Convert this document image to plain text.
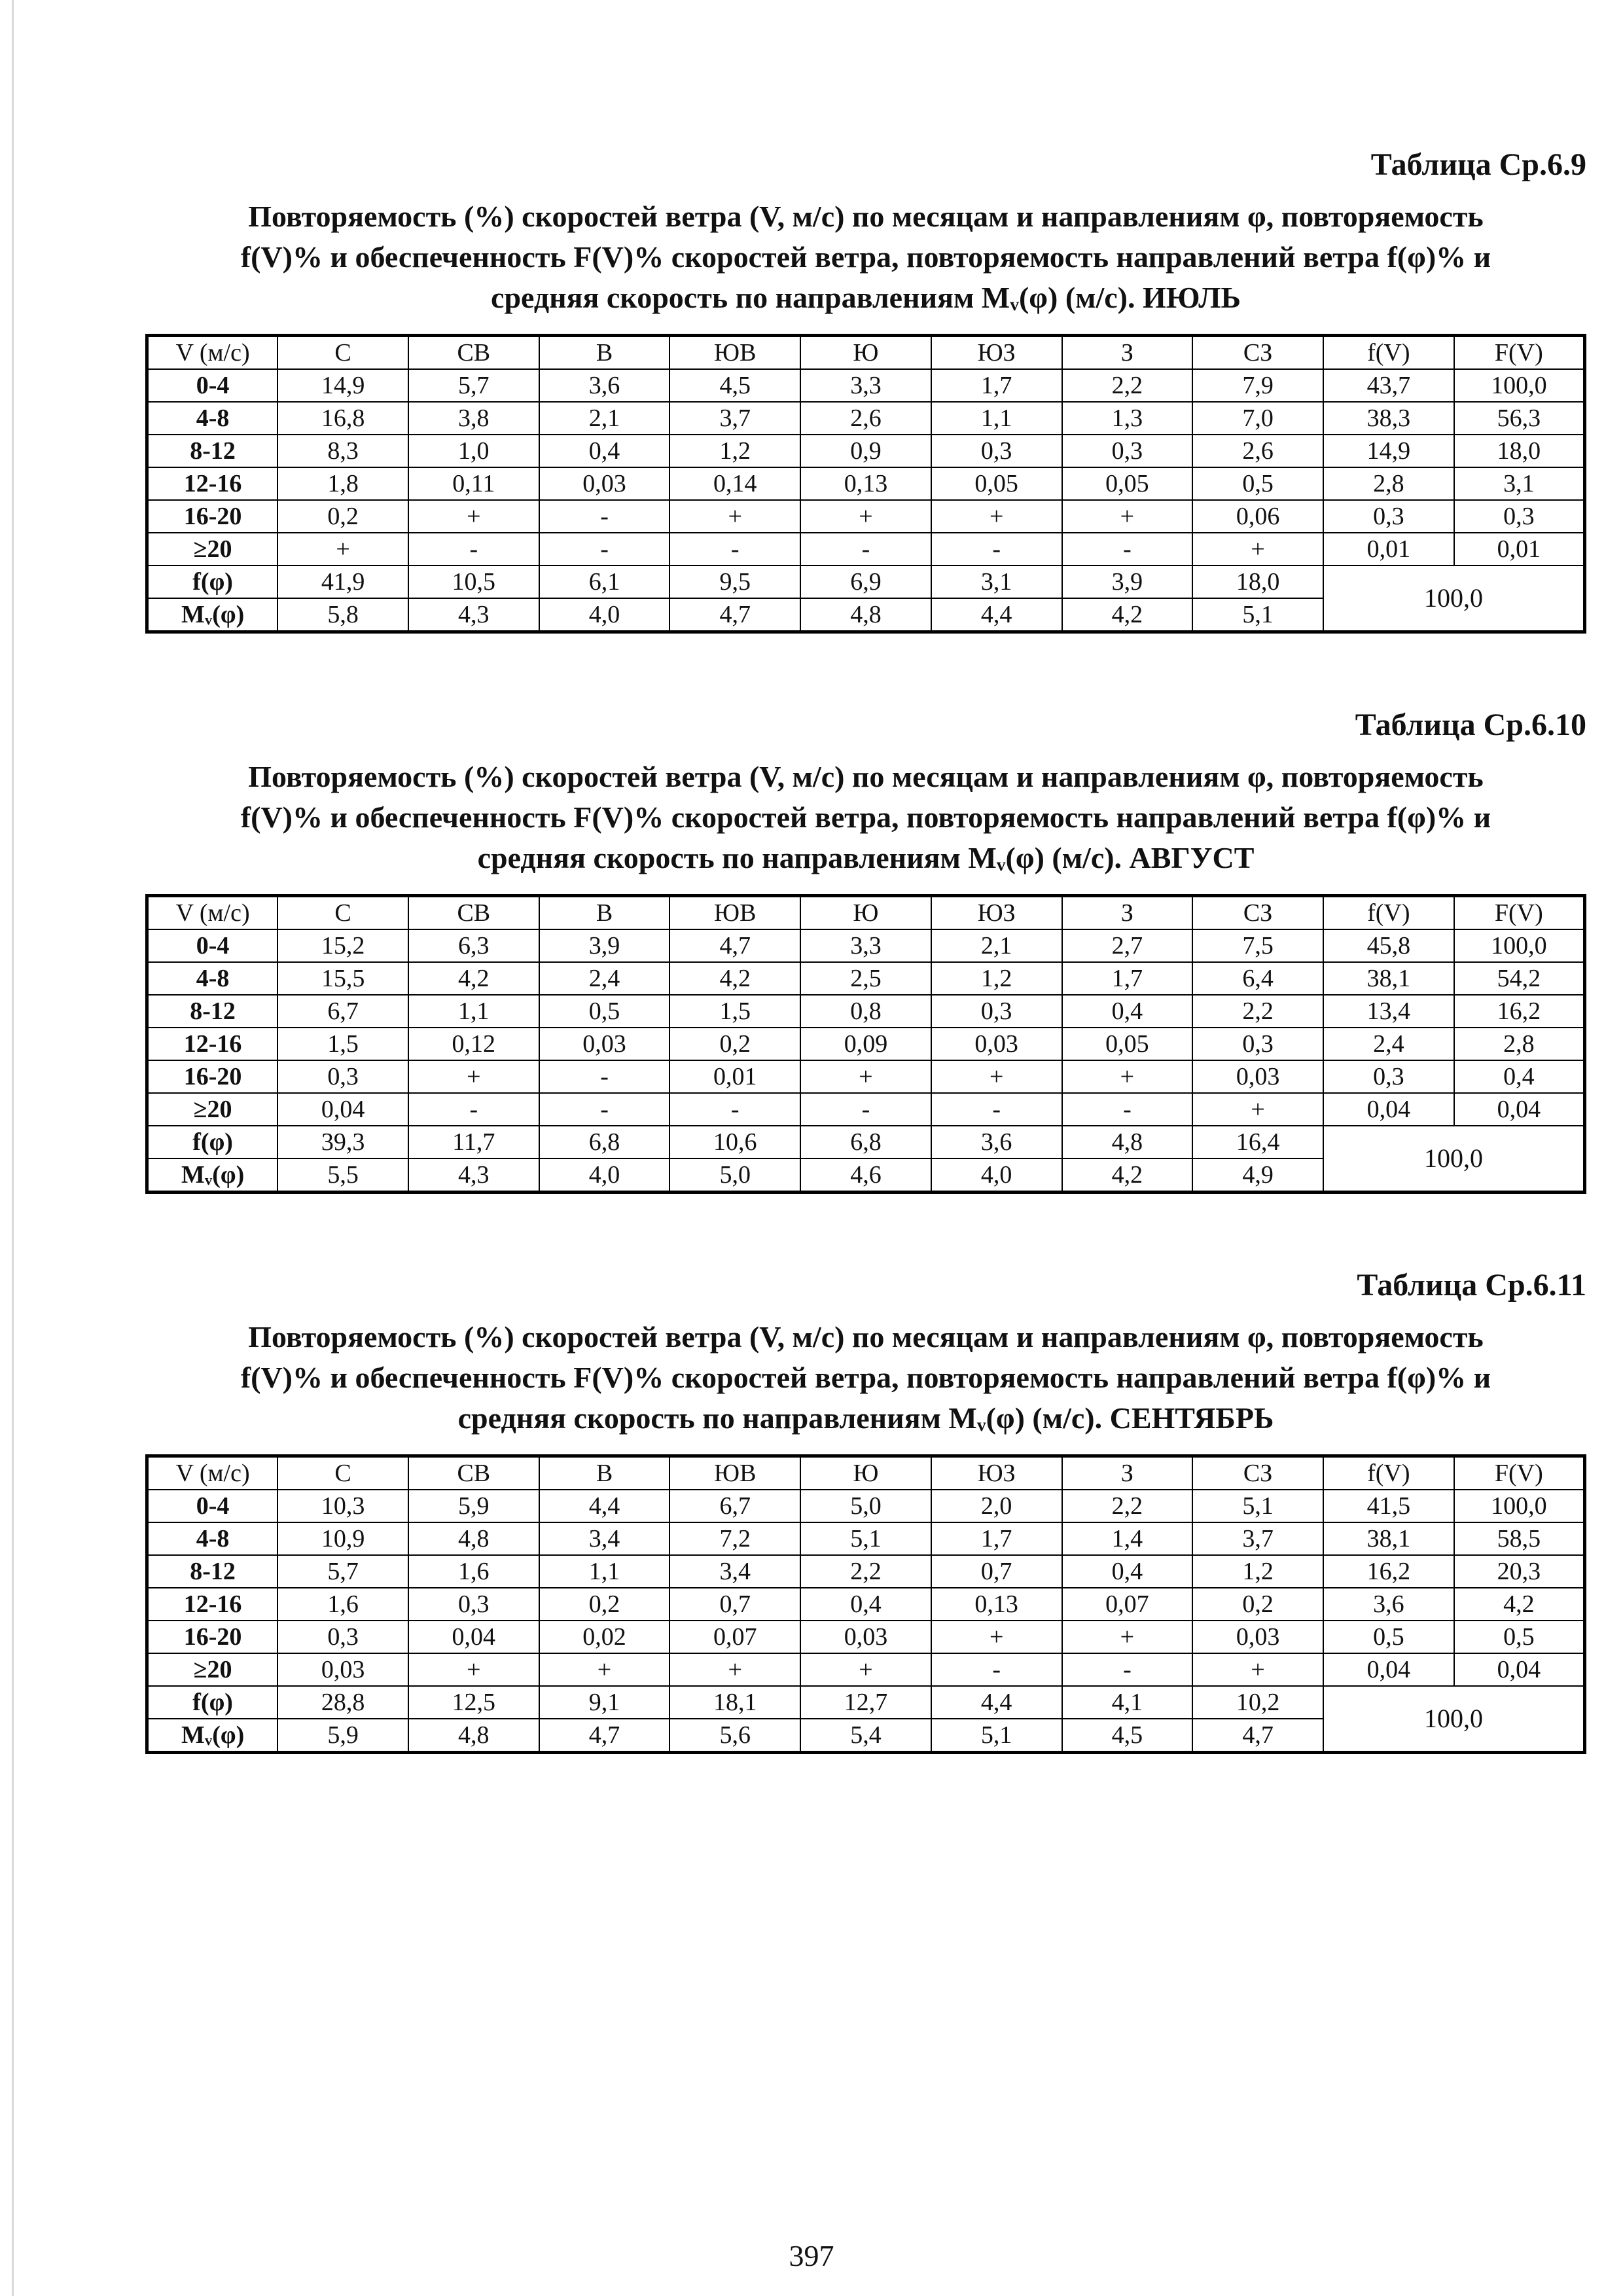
Таблица Ср.6.9

Повторяемость (%) скоростей ветра (V, м/с) по месяцам и направлениям φ, повторяемость
f(V)% и обеспеченность F(V)% скоростей ветра, повторяемость направлений ветра f(φ)% и
средняя скорость по направлениям Mᵥ(φ) (м/с). ИЮЛЬ
V (м/с)	С	СВ	В	ЮВ	Ю	ЮЗ	З	СЗ	f(V)	F(V)
0-4	14,9	5,7	3,6	4,5	3,3	1,7	2,2	7,9	43,7	100,0
4-8	16,8	3,8	2,1	3,7	2,6	1,1	1,3	7,0	38,3	56,3
8-12	8,3	1,0	0,4	1,2	0,9	0,3	0,3	2,6	14,9	18,0
12-16	1,8	0,11	0,03	0,14	0,13	0,05	0,05	0,5	2,8	3,1
16-20	0,2	+	-	+	+	+	+	0,06	0,3	0,3
≥20	+	-	-	-	-	-	-	+	0,01	0,01
f(φ)	41,9	10,5	6,1	9,5	6,9	3,1	3,9	18,0	100,0	
Mᵥ(φ)	5,8	4,3	4,0	4,7	4,8	4,4	4,2	5,1		

Таблица Ср.6.10

Повторяемость (%) скоростей ветра (V, м/с) по месяцам и направлениям φ, повторяемость
f(V)% и обеспеченность F(V)% скоростей ветра, повторяемость направлений ветра f(φ)% и
средняя скорость по направлениям Mᵥ(φ) (м/с). АВГУСТ
V (м/с)	С	СВ	В	ЮВ	Ю	ЮЗ	З	СЗ	f(V)	F(V)
0-4	15,2	6,3	3,9	4,7	3,3	2,1	2,7	7,5	45,8	100,0
4-8	15,5	4,2	2,4	4,2	2,5	1,2	1,7	6,4	38,1	54,2
8-12	6,7	1,1	0,5	1,5	0,8	0,3	0,4	2,2	13,4	16,2
12-16	1,5	0,12	0,03	0,2	0,09	0,03	0,05	0,3	2,4	2,8
16-20	0,3	+	-	0,01	+	+	+	0,03	0,3	0,4
≥20	0,04	-	-	-	-	-	-	+	0,04	0,04
f(φ)	39,3	11,7	6,8	10,6	6,8	3,6	4,8	16,4	100,0	
Mᵥ(φ)	5,5	4,3	4,0	5,0	4,6	4,0	4,2	4,9		

Таблица Ср.6.11

Повторяемость (%) скоростей ветра (V, м/с) по месяцам и направлениям φ, повторяемость
f(V)% и обеспеченность F(V)% скоростей ветра, повторяемость направлений ветра f(φ)% и
средняя скорость по направлениям Mᵥ(φ) (м/с). СЕНТЯБРЬ
V (м/с)	С	СВ	В	ЮВ	Ю	ЮЗ	З	СЗ	f(V)	F(V)
0-4	10,3	5,9	4,4	6,7	5,0	2,0	2,2	5,1	41,5	100,0
4-8	10,9	4,8	3,4	7,2	5,1	1,7	1,4	3,7	38,1	58,5
8-12	5,7	1,6	1,1	3,4	2,2	0,7	0,4	1,2	16,2	20,3
12-16	1,6	0,3	0,2	0,7	0,4	0,13	0,07	0,2	3,6	4,2
16-20	0,3	0,04	0,02	0,07	0,03	+	+	0,03	0,5	0,5
≥20	0,03	+	+	+	+	-	-	+	0,04	0,04
f(φ)	28,8	12,5	9,1	18,1	12,7	4,4	4,1	10,2	100,0	
Mᵥ(φ)	5,9	4,8	4,7	5,6	5,4	5,1	4,5	4,7		
397
